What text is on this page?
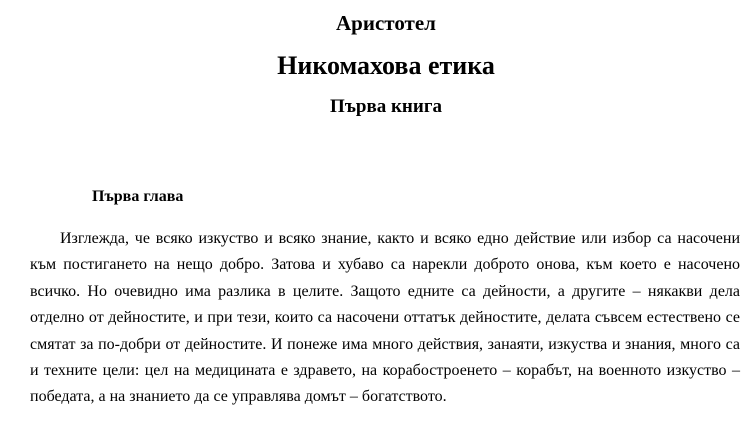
Аристотел
Никомахова етика
Първа книга
Първа глава

Изглежда, че всяко изкуство и всяко знание, както и всяко едно действие или избор са насочени към постигането на нещо добро. Затова и хубаво са нарекли доброто онова, към което е насочено всичко. Но очевидно има разлика в целите. Защото едните са дейности, а другите – някакви дела отделно от дейностите, и при тези, които са насочени оттатък дейностите, делата съвсем естествено се смятат за по-добри от дейностите. И понеже има много действия, занаяти, изкуства и знания, много са и техните цели: цел на медицината е здравето, на корабостроенето – корабът, на военното изкуство – победата, а на знанието да се управлява домът – богатството.
